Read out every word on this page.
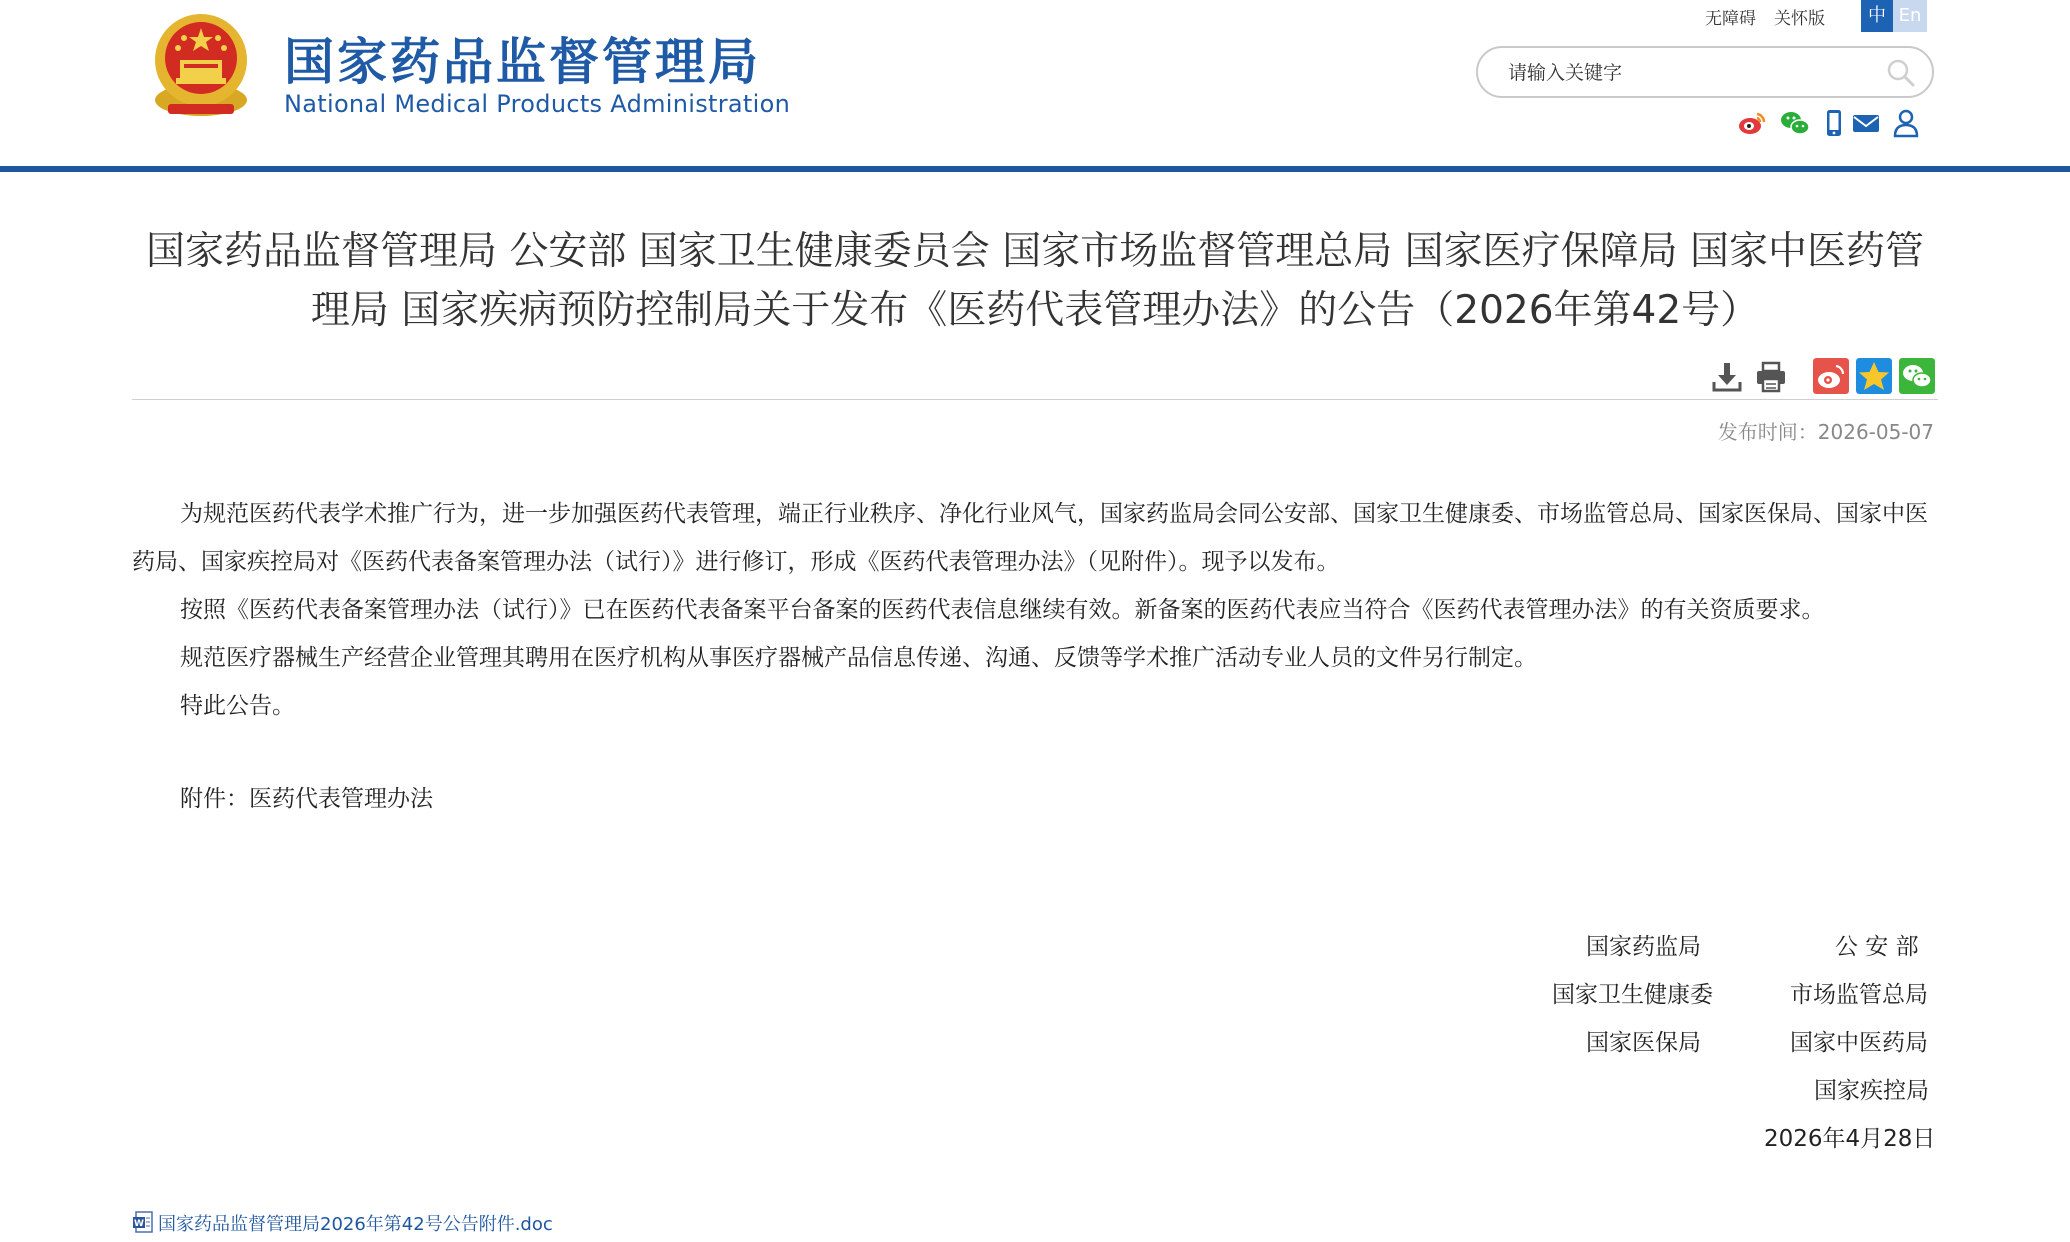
国家药品监督管理局
National Medical Products Administration
无障碍 关怀版	中 En
请输入关键字
国家药品监督管理局 公安部 国家卫生健康委员会 国家市场监督管理总局 国家医疗保障局 国家中医药管理局 国家疾病预防控制局关于发布《医药代表管理办法》的公告（2026年第42号）
发布时间：2026-05-07

为规范医药代表学术推广行为，进一步加强医药代表管理，端正行业秩序、净化行业风气，国家药监局会同公安部、国家卫生健康委、市场监管总局、国家医保局、国家中医药局、国家疾控局对《医药代表备案管理办法（试行）》进行修订，形成《医药代表管理办法》（见附件）。现予以发布。

按照《医药代表备案管理办法（试行）》已在医药代表备案平台备案的医药代表信息继续有效。新备案的医药代表应当符合《医药代表管理办法》的有关资质要求。

规范医疗器械生产经营企业管理其聘用在医疗机构从事医疗器械产品信息传递、沟通、反馈等学术推广活动专业人员的文件另行制定。

特此公告。

附件：医药代表管理办法
国家药监局	公 安 部
国家卫生健康委	市场监管总局
国家医保局	国家中医药局
国家疾控局
2026年4月28日
W 国家药品监督管理局2026年第42号公告附件.doc
